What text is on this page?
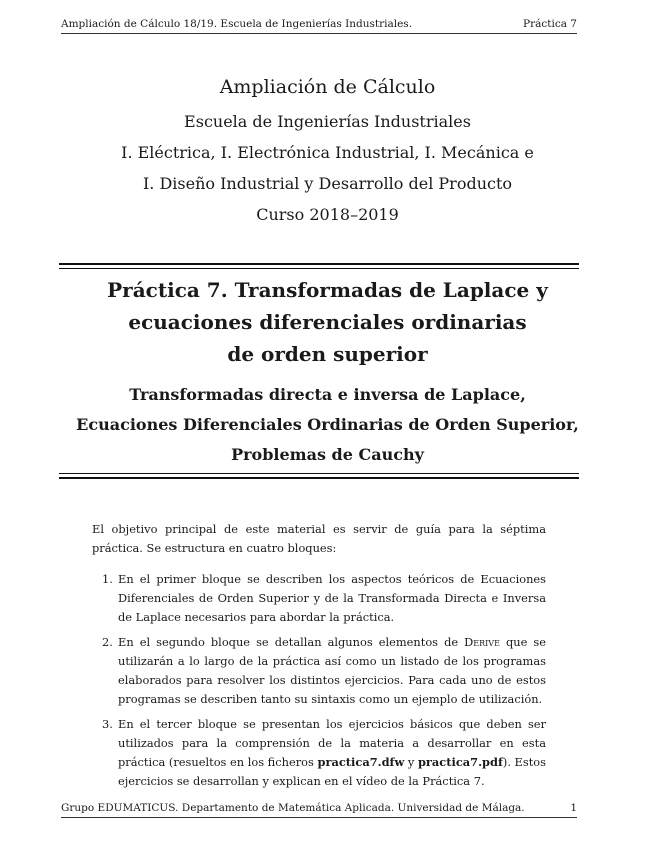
Ampliación de Cálculo 18/19. Escuela de Ingenierías Industriales.	Práctica 7
Ampliación de Cálculo
Escuela de Ingenierías Industriales
I. Eléctrica, I. Electrónica Industrial, I. Mecánica e
I. Diseño Industrial y Desarrollo del Producto
Curso 2018–2019
Práctica 7. Transformadas de Laplace y
ecuaciones diferenciales ordinarias
de orden superior
Transformadas directa e inversa de Laplace,
Ecuaciones Diferenciales Ordinarias de Orden Superior,
Problemas de Cauchy

El objetivo principal de este material es servir de guía para la séptima práctica. Se estructura en cuatro bloques:

1. En el primer bloque se describen los aspectos teóricos de Ecuaciones Diferenciales de Orden Superior y de la Transformada Directa e Inversa de Laplace necesarios para abordar la práctica.
2. En el segundo bloque se detallan algunos elementos de Derive que se utilizarán a lo largo de la práctica así como un listado de los programas elaborados para resolver los distintos ejercicios. Para cada uno de estos programas se describen tanto su sintaxis como un ejemplo de utilización.
3. En el tercer bloque se presentan los ejercicios básicos que deben ser utilizados para la comprensión de la materia a desarrollar en esta práctica (resueltos en los ficheros practica7.dfw y practica7.pdf). Estos ejercicios se desarrollan y explican en el vídeo de la Práctica 7.
Grupo EDUMATICUS. Departamento de Matemática Aplicada. Universidad de Málaga.	1
